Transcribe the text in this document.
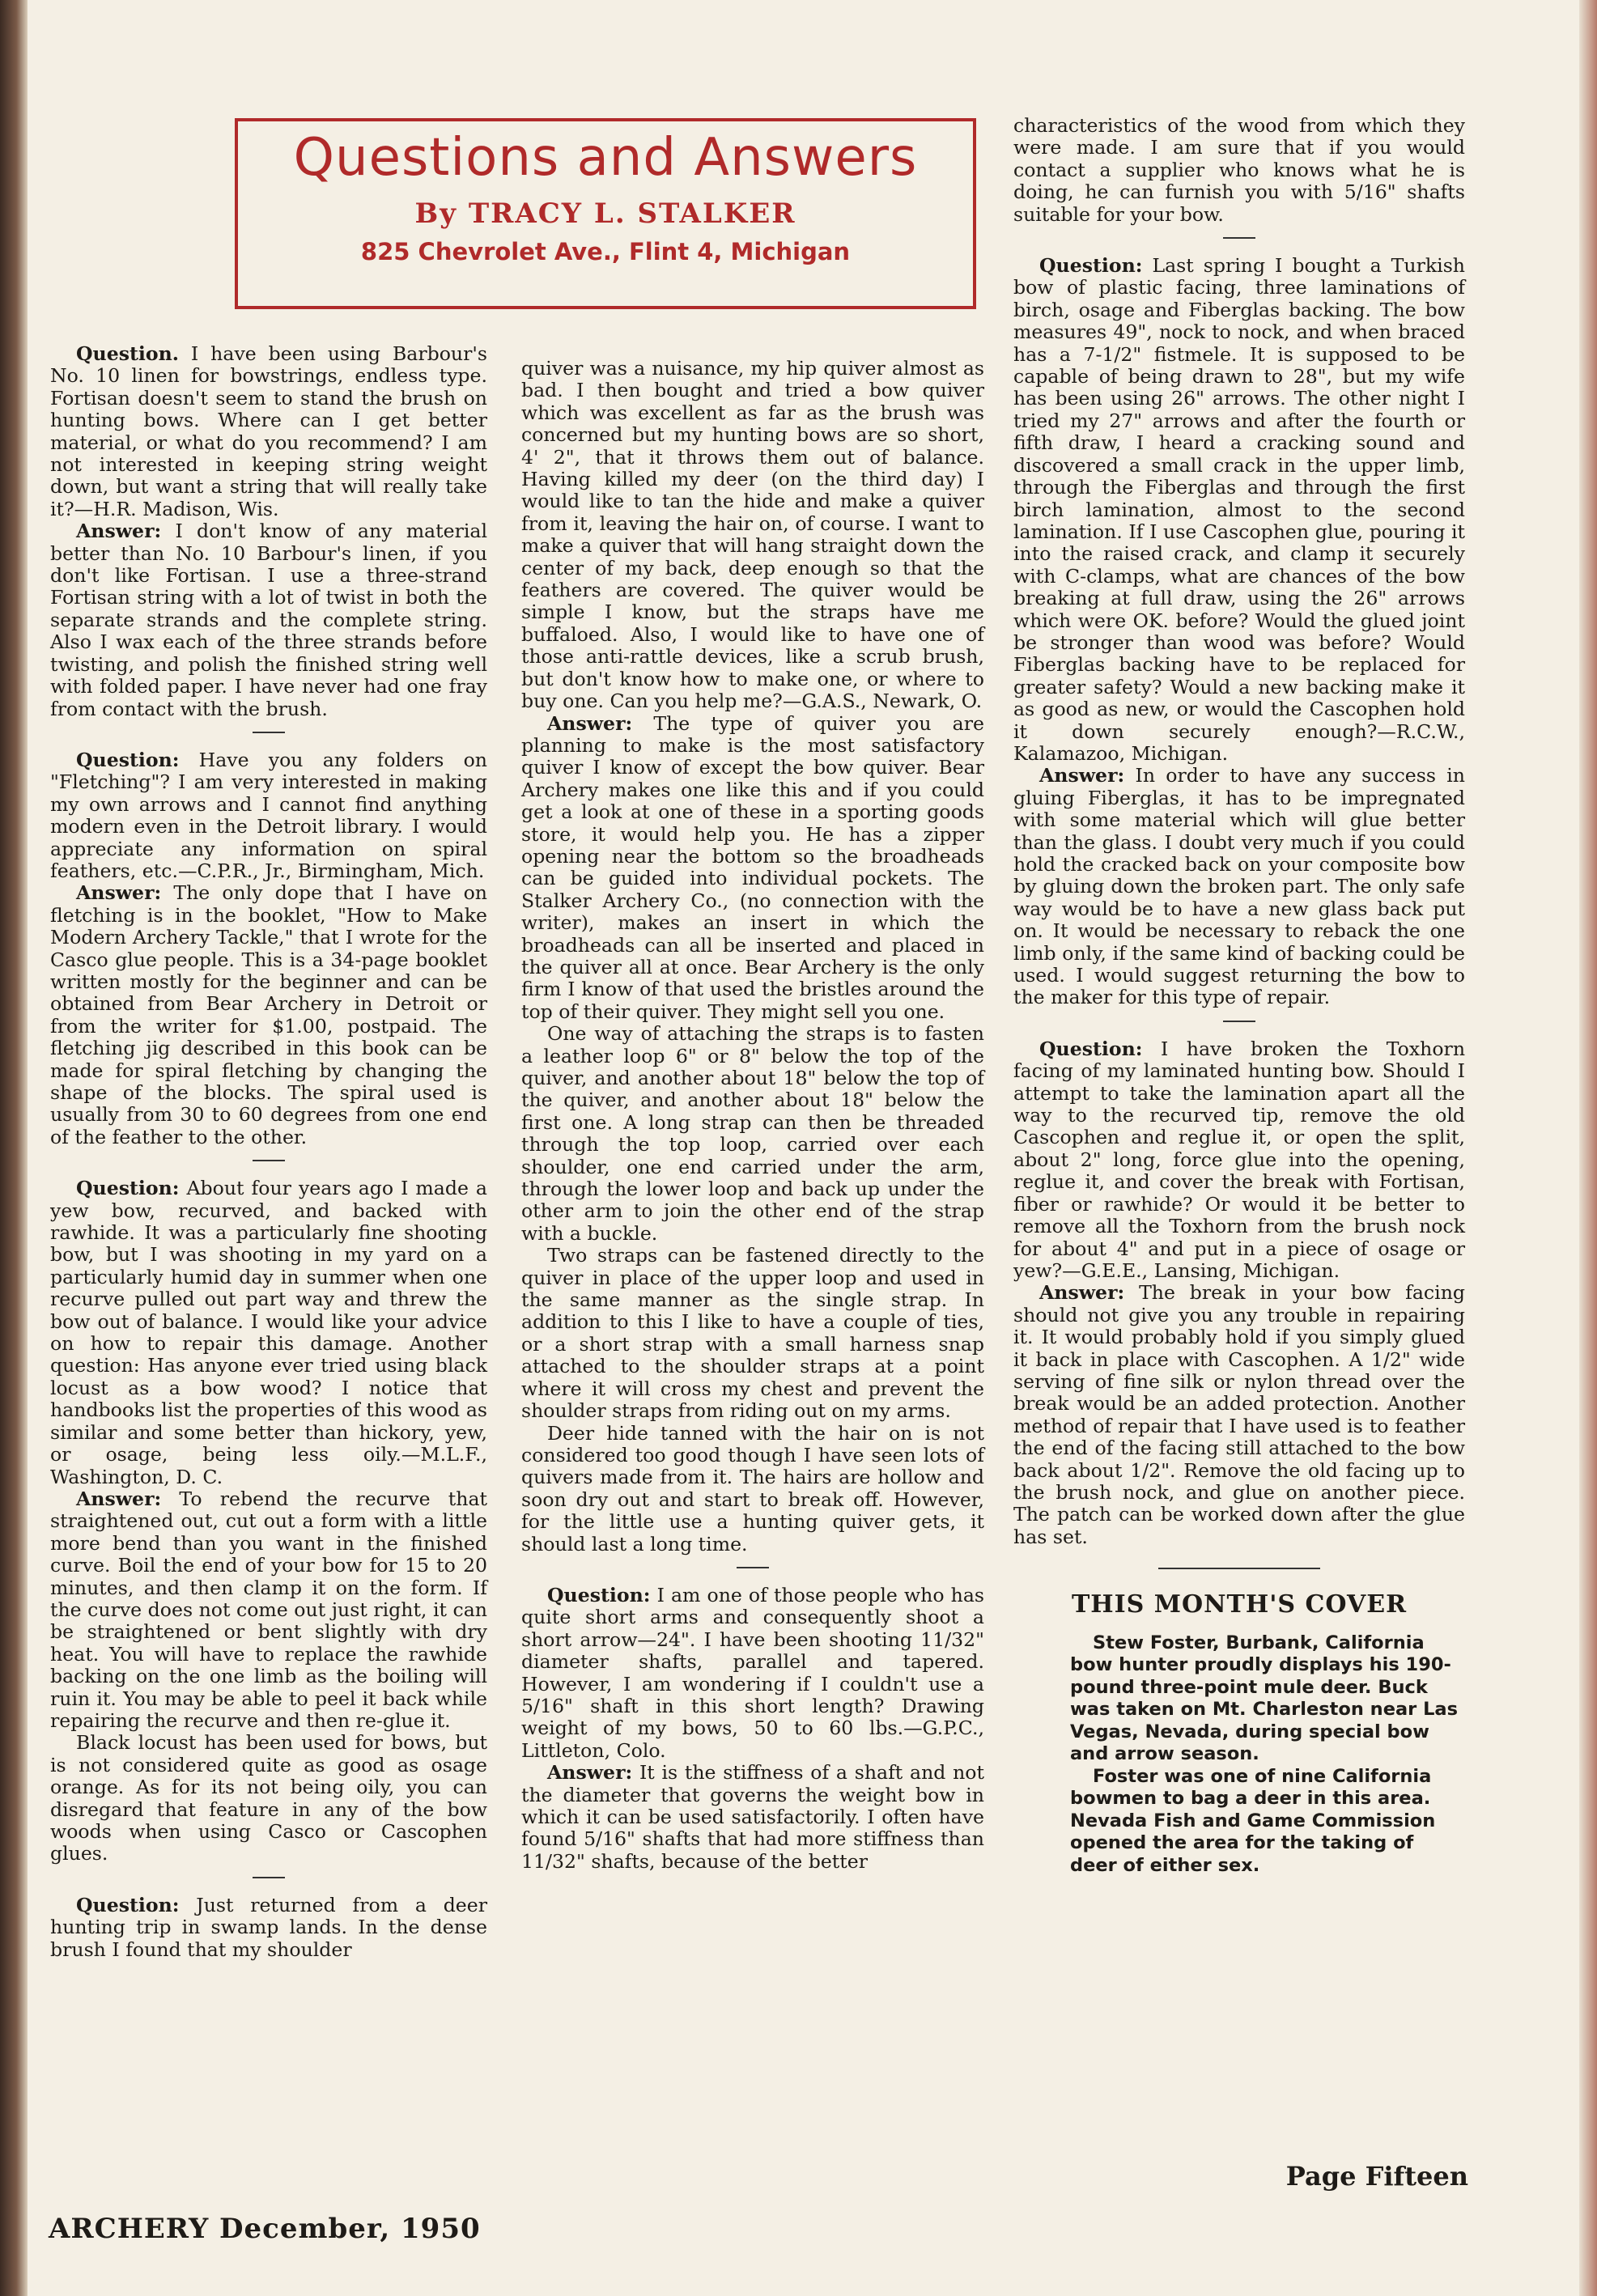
Questions and Answers
By TRACY L. STALKER
825 Chevrolet Ave., Flint 4, Michigan

Question. I have been using Barbour's No. 10 linen for bowstrings, endless type. Fortisan doesn't seem to stand the brush on hunting bows. Where can I get better material, or what do you recommend? I am not interested in keeping string weight down, but want a string that will really take it?—H.R. Madison, Wis.

Answer: I don't know of any material better than No. 10 Barbour's linen, if you don't like Fortisan. I use a three-strand Fortisan string with a lot of twist in both the separate strands and the complete string. Also I wax each of the three strands before twisting, and polish the finished string well with folded paper. I have never had one fray from contact with the brush.

Question: Have you any folders on "Fletching"? I am very interested in making my own arrows and I cannot find anything modern even in the Detroit library. I would appreciate any information on spiral feathers, etc.—C.P.R., Jr., Birmingham, Mich.

Answer: The only dope that I have on fletching is in the booklet, "How to Make Modern Archery Tackle," that I wrote for the Casco glue people. This is a 34-page booklet written mostly for the beginner and can be obtained from Bear Archery in Detroit or from the writer for $1.00, postpaid. The fletching jig described in this book can be made for spiral fletching by changing the shape of the blocks. The spiral used is usually from 30 to 60 degrees from one end of the feather to the other.

Question: About four years ago I made a yew bow, recurved, and backed with rawhide. It was a particularly fine shooting bow, but I was shooting in my yard on a particularly humid day in summer when one recurve pulled out part way and threw the bow out of balance. I would like your advice on how to repair this damage. Another question: Has anyone ever tried using black locust as a bow wood? I notice that handbooks list the properties of this wood as similar and some better than hickory, yew, or osage, being less oily.—M.L.F., Washington, D. C.

Answer: To rebend the recurve that straightened out, cut out a form with a little more bend than you want in the finished curve. Boil the end of your bow for 15 to 20 minutes, and then clamp it on the form. If the curve does not come out just right, it can be straightened or bent slightly with dry heat. You will have to replace the rawhide backing on the one limb as the boiling will ruin it. You may be able to peel it back while repairing the recurve and then re-glue it.

Black locust has been used for bows, but is not considered quite as good as osage orange. As for its not being oily, you can disregard that feature in any of the bow woods when using Casco or Cascophen glues.

Question: Just returned from a deer hunting trip in swamp lands. In the dense brush I found that my shoulder

quiver was a nuisance, my hip quiver almost as bad. I then bought and tried a bow quiver which was excellent as far as the brush was concerned but my hunting bows are so short, 4' 2", that it throws them out of balance. Having killed my deer (on the third day) I would like to tan the hide and make a quiver from it, leaving the hair on, of course. I want to make a quiver that will hang straight down the center of my back, deep enough so that the feathers are covered. The quiver would be simple I know, but the straps have me buffaloed. Also, I would like to have one of those anti-rattle devices, like a scrub brush, but don't know how to make one, or where to buy one. Can you help me?—G.A.S., Newark, O.

Answer: The type of quiver you are planning to make is the most satisfactory quiver I know of except the bow quiver. Bear Archery makes one like this and if you could get a look at one of these in a sporting goods store, it would help you. He has a zipper opening near the bottom so the broadheads can be guided into individual pockets. The Stalker Archery Co., (no connection with the writer), makes an insert in which the broadheads can all be inserted and placed in the quiver all at once. Bear Archery is the only firm I know of that used the bristles around the top of their quiver. They might sell you one.

One way of attaching the straps is to fasten a leather loop 6" or 8" below the top of the quiver, and another about 18" below the top of the quiver, and another about 18" below the first one. A long strap can then be threaded through the top loop, carried over each shoulder, one end carried under the arm, through the lower loop and back up under the other arm to join the other end of the strap with a buckle.

Two straps can be fastened directly to the quiver in place of the upper loop and used in the same manner as the single strap. In addition to this I like to have a couple of ties, or a short strap with a small harness snap attached to the shoulder straps at a point where it will cross my chest and prevent the shoulder straps from riding out on my arms.

Deer hide tanned with the hair on is not considered too good though I have seen lots of quivers made from it. The hairs are hollow and soon dry out and start to break off. However, for the little use a hunting quiver gets, it should last a long time.

Question: I am one of those people who has quite short arms and consequently shoot a short arrow—24". I have been shooting 11/32" diameter shafts, parallel and tapered. However, I am wondering if I couldn't use a 5/16" shaft in this short length? Drawing weight of my bows, 50 to 60 lbs.—G.P.C., Littleton, Colo.

Answer: It is the stiffness of a shaft and not the diameter that governs the weight bow in which it can be used satisfactorily. I often have found 5/16" shafts that had more stiffness than 11/32" shafts, because of the better

characteristics of the wood from which they were made. I am sure that if you would contact a supplier who knows what he is doing, he can furnish you with 5/16" shafts suitable for your bow.

Question: Last spring I bought a Turkish bow of plastic facing, three laminations of birch, osage and Fiberglas backing. The bow measures 49", nock to nock, and when braced has a 7-1/2" fistmele. It is supposed to be capable of being drawn to 28", but my wife has been using 26" arrows. The other night I tried my 27" arrows and after the fourth or fifth draw, I heard a cracking sound and discovered a small crack in the upper limb, through the Fiberglas and through the first birch lamination, almost to the second lamination. If I use Cascophen glue, pouring it into the raised crack, and clamp it securely with C-clamps, what are chances of the bow breaking at full draw, using the 26" arrows which were OK. before? Would the glued joint be stronger than wood was before? Would Fiberglas backing have to be replaced for greater safety? Would a new backing make it as good as new, or would the Cascophen hold it down securely enough?—R.C.W., Kalamazoo, Michigan.

Answer: In order to have any success in gluing Fiberglas, it has to be impregnated with some material which will glue better than the glass. I doubt very much if you could hold the cracked back on your composite bow by gluing down the broken part. The only safe way would be to have a new glass back put on. It would be necessary to reback the one limb only, if the same kind of backing could be used. I would suggest returning the bow to the maker for this type of repair.

Question: I have broken the Toxhorn facing of my laminated hunting bow. Should I attempt to take the lamination apart all the way to the recurved tip, remove the old Cascophen and reglue it, or open the split, about 2" long, force glue into the opening, reglue it, and cover the break with Fortisan, fiber or rawhide? Or would it be better to remove all the Toxhorn from the brush nock for about 4" and put in a piece of osage or yew?—G.E.E., Lansing, Michigan.

Answer: The break in your bow facing should not give you any trouble in repairing it. It would probably hold if you simply glued it back in place with Cascophen. A 1/2" wide serving of fine silk or nylon thread over the break would be an added protection. Another method of repair that I have used is to feather the end of the facing still attached to the bow back about 1/2". Remove the old facing up to the brush nock, and glue on another piece. The patch can be worked down after the glue has set.

THIS MONTH'S COVER

Stew Foster, Burbank, California bow hunter proudly displays his 190-pound three-point mule deer. Buck was taken on Mt. Charleston near Las Vegas, Nevada, during special bow and arrow season.

Foster was one of nine California bowmen to bag a deer in this area. Nevada Fish and Game Commission opened the area for the taking of deer of either sex.

Page Fifteen
ARCHERY December, 1950
